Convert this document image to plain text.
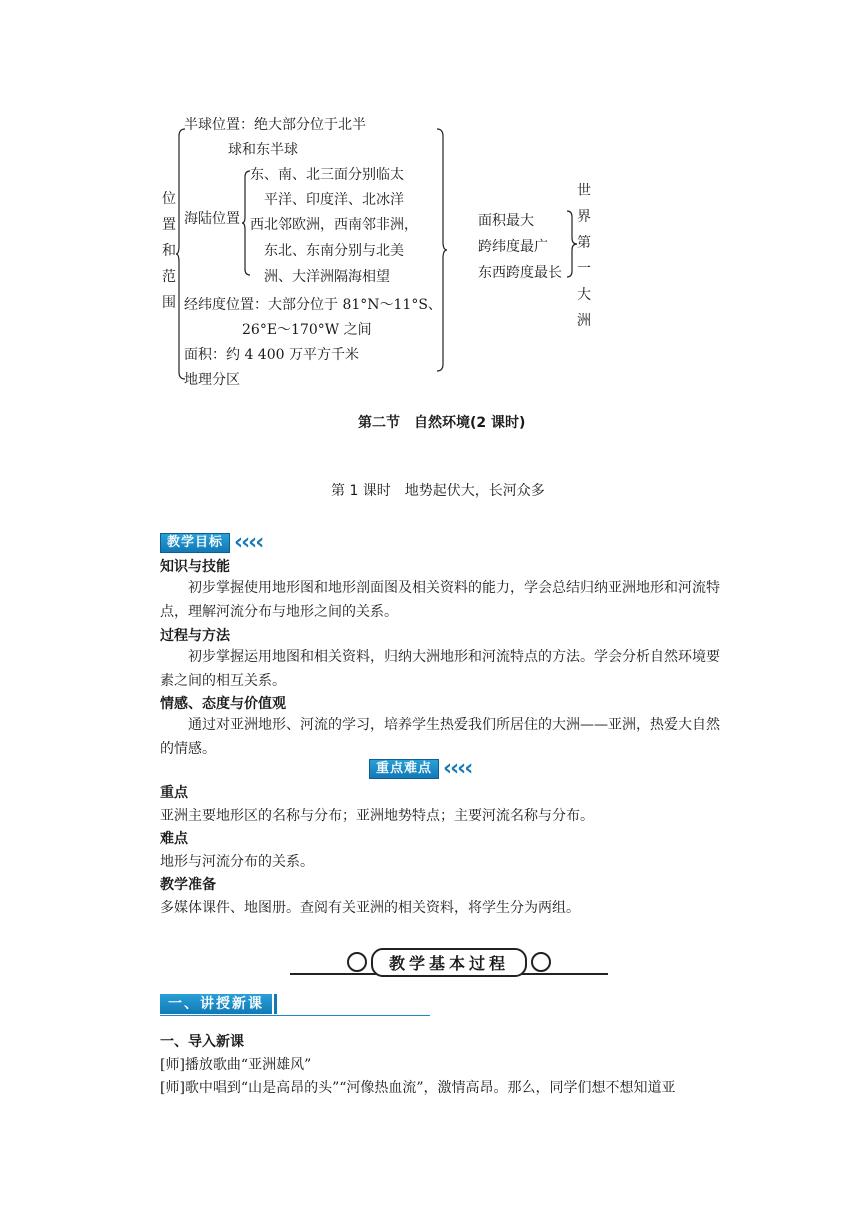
位置和范围
半球位置：绝大部分位于北半
球和东半球
海陆位置
东、南、北三面分别临太
平洋、印度洋、北冰洋
西北邻欧洲，西南邻非洲，
东北、东南分别与北美
洲、大洋洲隔海相望
经纬度位置：大部分位于 81°N～11°S、
26°E～170°W 之间
面积：约 4 400 万平方千米
地理分区
面积最大
跨纬度最广
东西跨度最长
世界第一大洲
第二节　自然环境(2 课时)
第 1 课时　地势起伏大，长河众多
教学目标 ‹‹‹‹
知识与技能
初步掌握使用地形图和地形剖面图及相关资料的能力，学会总结归纳亚洲地形和河流特点，理解河流分布与地形之间的关系。
过程与方法
初步掌握运用地图和相关资料，归纳大洲地形和河流特点的方法。学会分析自然环境要素之间的相互关系。
情感、态度与价值观
通过对亚洲地形、河流的学习，培养学生热爱我们所居住的大洲——亚洲，热爱大自然的情感。
重点难点 ‹‹‹‹
重点
亚洲主要地形区的名称与分布；亚洲地势特点；主要河流名称与分布。
难点
地形与河流分布的关系。
教学准备
多媒体课件、地图册。查阅有关亚洲的相关资料，将学生分为两组。
教学基本过程
一、讲授新课
一、导入新课
[师]播放歌曲“亚洲雄风”
[师]歌中唱到“山是高昂的头”“河像热血流”，激情高昂。那么，同学们想不想知道亚
